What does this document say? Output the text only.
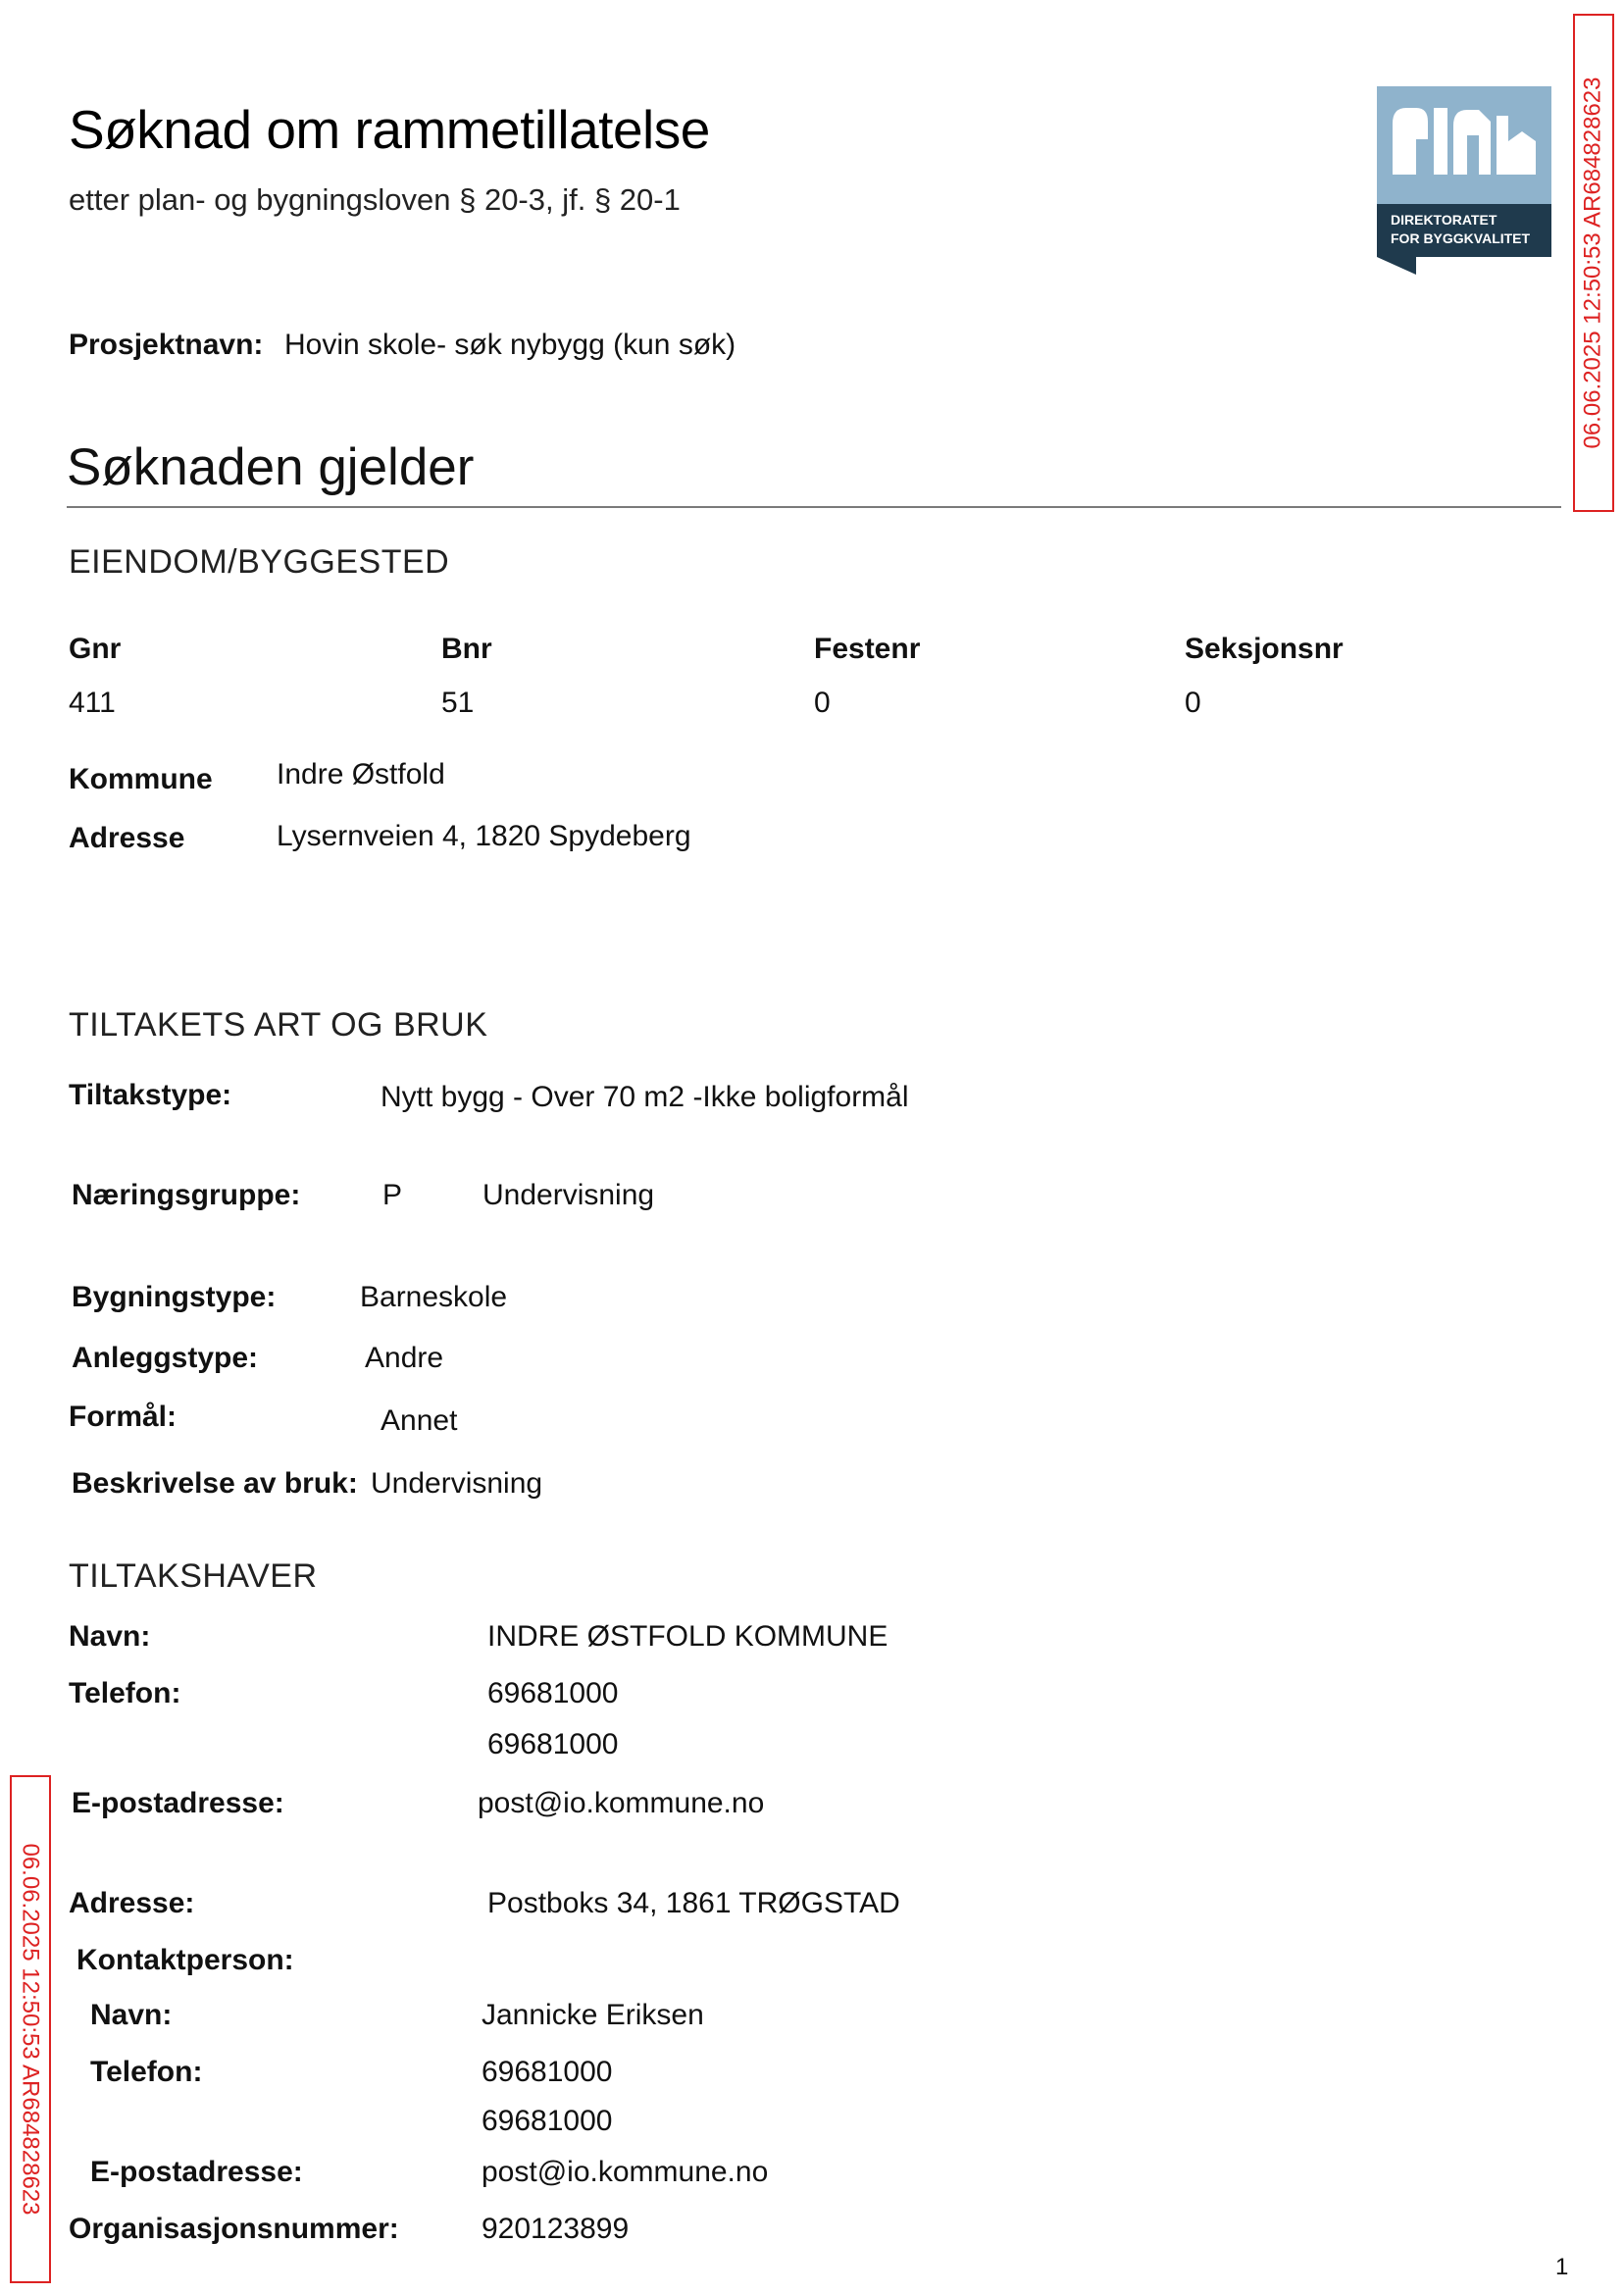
Søknad om rammetillatelse
etter plan- og bygningsloven § 20-3, jf. § 20-1
DIREKTORATET
FOR BYGGKVALITET 06.06.2025 12:50:53 AR684828623
06.06.2025 12:50:53 AR684828623
Prosjektnavn: Hovin skole- søk nybygg (kun søk)
Søknaden gjelder
EIENDOM/BYGGESTED
Gnr	Bnr	Festenr	Seksjonsnr
411	51	0	0
Kommune Indre Østfold
Adresse	Lysernveien 4, 1820 Spydeberg
TILTAKETS ART OG BRUK
Tiltakstype:	Nytt bygg - Over 70 m2 -Ikke boligformål
Næringsgruppe:	P	Undervisning
Bygningstype:	Barneskole
Anleggstype:	Andre
Formål:	Annet
Beskrivelse av bruk: Undervisning
TILTAKSHAVER
Navn:	INDRE ØSTFOLD KOMMUNE
Telefon:	69681000
69681000
E-postadresse:	post@io.kommune.no
Adresse:	Postboks 34, 1861 TRØGSTAD
Kontaktperson:
Navn:	Jannicke Eriksen
Telefon:	69681000
69681000
E-postadresse:	post@io.kommune.no
Organisasjonsnummer:	920123899
1
